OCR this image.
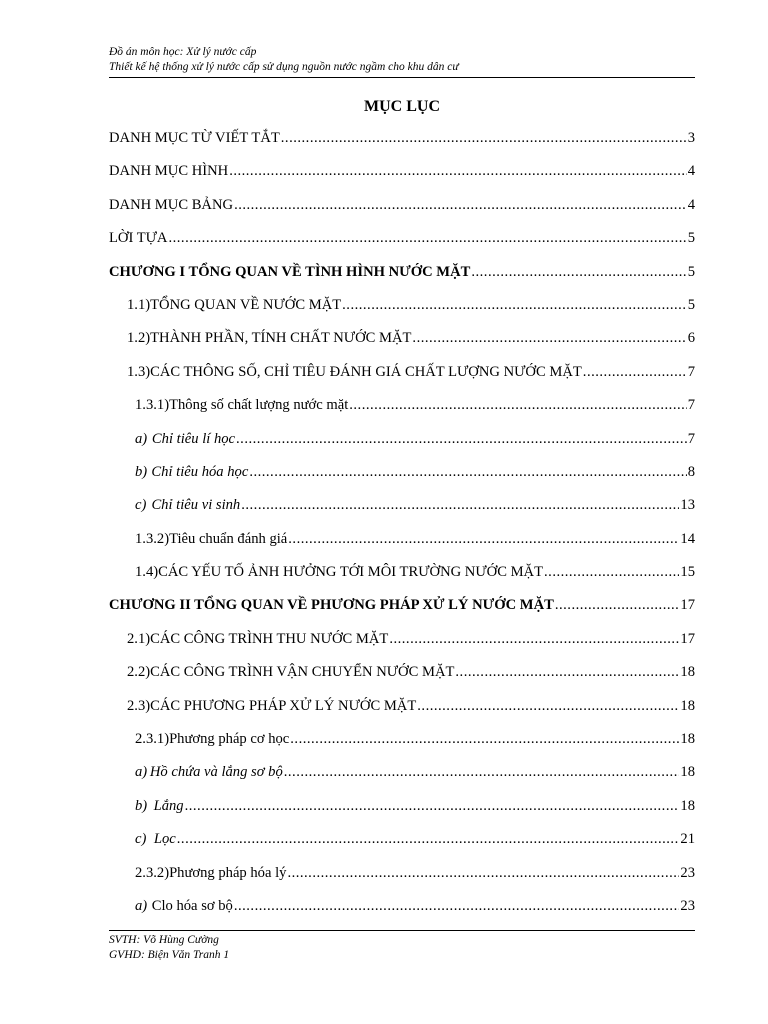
Đồ án môn học: Xử lý nước cấp
Thiết kế hệ thống xử lý nước cấp sử dụng nguồn nước ngầm cho khu dân cư
MỤC LỤC
DANH MỤC TỪ VIẾT TẮT .....	3
DANH MỤC HÌNH .....	4
DANH MỤC BẢNG .....	4
LỜI TỰA .....	5
CHƯƠNG I TỔNG QUAN VỀ TÌNH HÌNH NƯỚC MẶT .....	5
1.1) TỔNG QUAN VỀ NƯỚC MẶT .....	5
1.2) THÀNH PHẦN, TÍNH CHẤT NƯỚC MẶT .....	6
1.3) CÁC THÔNG SỐ, CHỈ TIÊU ĐÁNH GIÁ CHẤT LƯỢNG NƯỚC MẶT .....	7
1.3.1) Thông số chất lượng nước mặt .....	7
a) Chỉ tiêu lí học .....	7
b) Chỉ tiêu hóa học .....	8
c) Chỉ tiêu vi sinh .....	13
1.3.2) Tiêu chuẩn đánh giá .....	14
1.4) CÁC YẾU TỐ ẢNH HƯỞNG TỚI MÔI TRƯỜNG NƯỚC MẶT .....	15
CHƯƠNG II TỔNG QUAN VỀ PHƯƠNG PHÁP XỬ LÝ NƯỚC MẶT .....	17
2.1) CÁC CÔNG TRÌNH THU NƯỚC MẶT .....	17
2.2) CÁC CÔNG TRÌNH VẬN CHUYỂN NƯỚC MẶT .....	18
2.3) CÁC PHƯƠNG PHÁP XỬ LÝ NƯỚC MẶT .....	18
2.3.1) Phương pháp cơ học .....	18
a) Hồ chứa và lắng sơ bộ .....	18
b) Lắng .....	18
c) Lọc .....	21
2.3.2) Phương pháp hóa lý .....	23
a) Clo hóa sơ bộ .....	23
SVTH: Võ Hùng Cường
GVHD: Biện Văn Tranh 1
